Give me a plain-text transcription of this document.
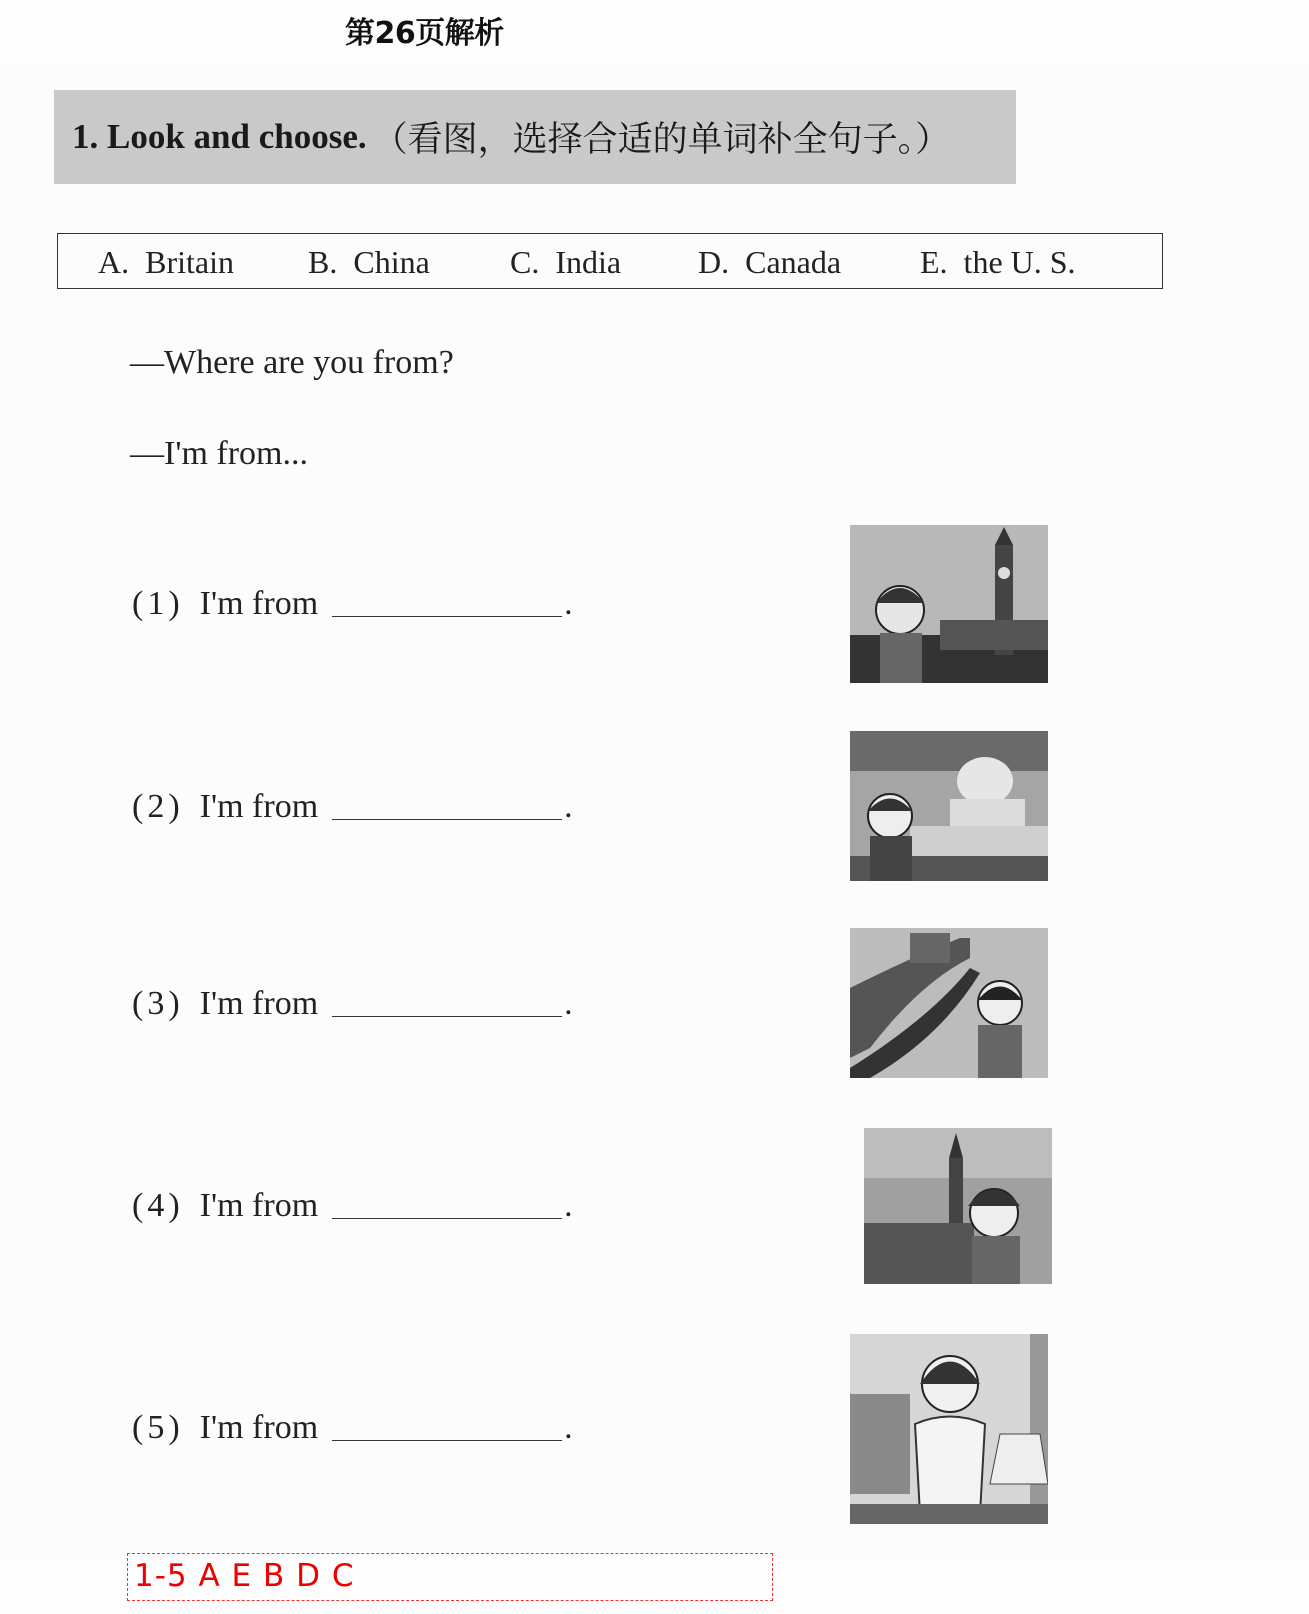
第26页解析
1. Look and choose. （看图，选择合适的单词补全句子。）
A. Britain B. China	C. India D. Canada E. the U. S.
—Where are you from?
—I'm from...
(1) I'm from	.
(2) I'm from	.
(3) I'm from	.
(4) I'm from	.
(5) I'm from	.
1-5 A E B D C
